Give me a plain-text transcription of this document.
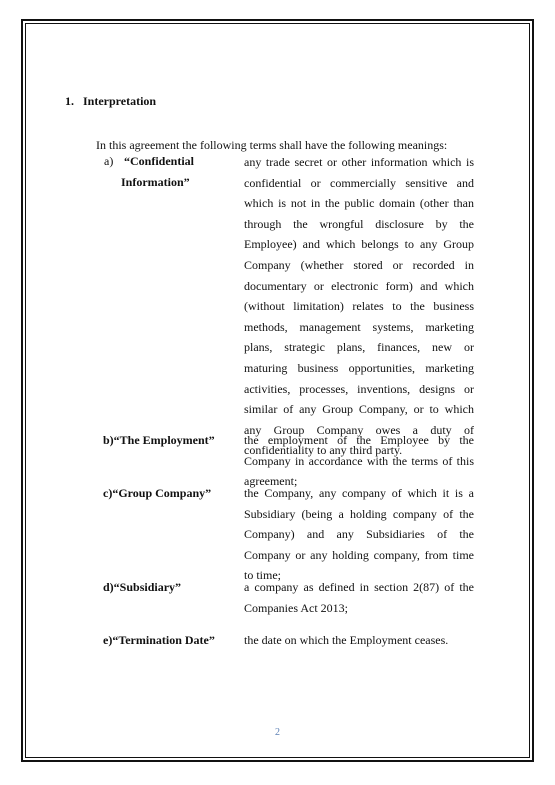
1. Interpretation
In this agreement the following terms shall have the following meanings:
a) “Confidential
Information”
any trade secret or other information which is confidential or commercially sensitive and which is not in the public domain (other than through the wrongful disclosure by the Employee) and which belongs to any Group Company (whether stored or recorded in documentary or electronic form) and which (without limitation) relates to the business methods, management systems, marketing plans, strategic plans, finances, new or maturing business opportunities, marketing activities, processes, inventions, designs or similar of any Group Company, or to which any Group Company owes a duty of confidentiality to any third party.
b)“The Employment” the employment of the Employee by the Company in accordance with the terms of this agreement;
c)“Group Company”	the Company, any company of which it is a Subsidiary (being a holding company of the Company) and any Subsidiaries of the Company or any holding company, from time to time;
d)“Subsidiary”	a company as defined in section 2(87) of the Companies Act 2013;
e)“Termination Date” the date on which the Employment ceases.
2
